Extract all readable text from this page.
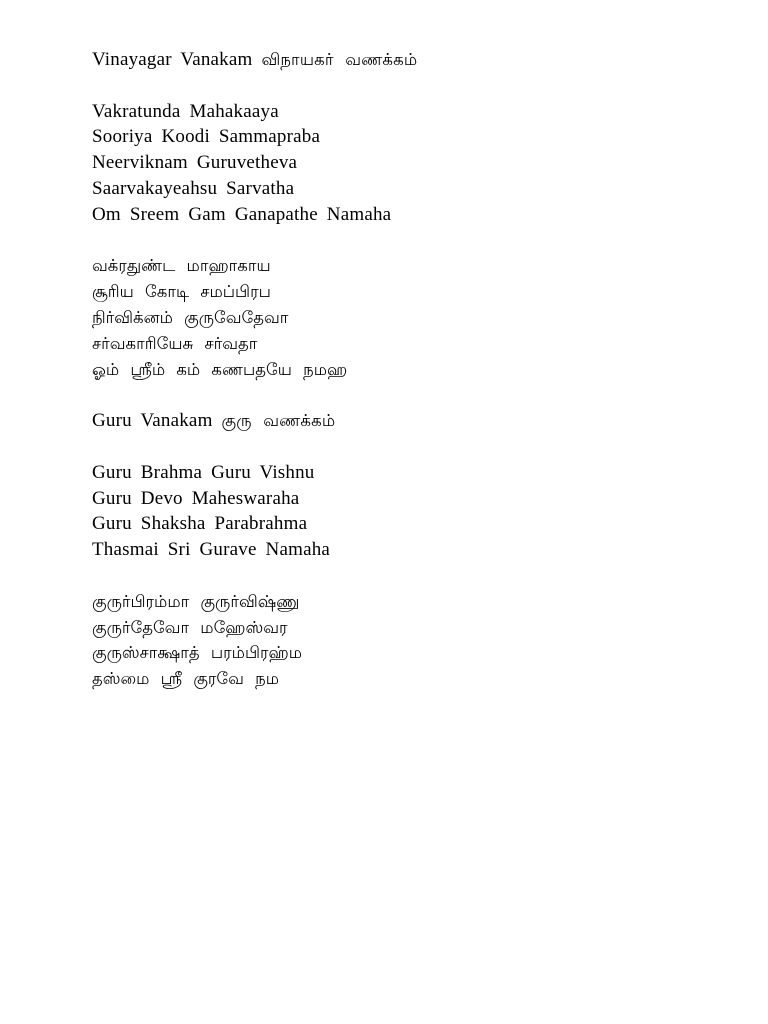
Vinayagar Vanakam விநாயகர் வணக்கம்
Vakratunda Mahakaaya
Sooriya Koodi Sammapraba
Neerviknam Guruvetheva
Saarvakayeahsu Sarvatha
Om Sreem Gam Ganapathe Namaha
வக்ரதுண்ட மாஹாகாய
சூரிய கோடி சமப்பிரப
நிர்விக்னம் குருவேதேவா
சர்வகாரியேசு சர்வதா
ஓம் ஸ்ரீம் கம் கணபதயே நமஹ
Guru Vanakam குரு வணக்கம்
Guru Brahma Guru Vishnu
Guru Devo Maheswaraha
Guru Shaksha Parabrahma
Thasmai Sri Gurave Namaha
குருர்பிரம்மா குருர்விஷ்ணு
குருர்தேவோ மஹேஸ்வர
குருஸ்சாக்ஷாத் பரம்பிரஹ்ம
தஸ்மை ஸ்ரீ குரவே நம
